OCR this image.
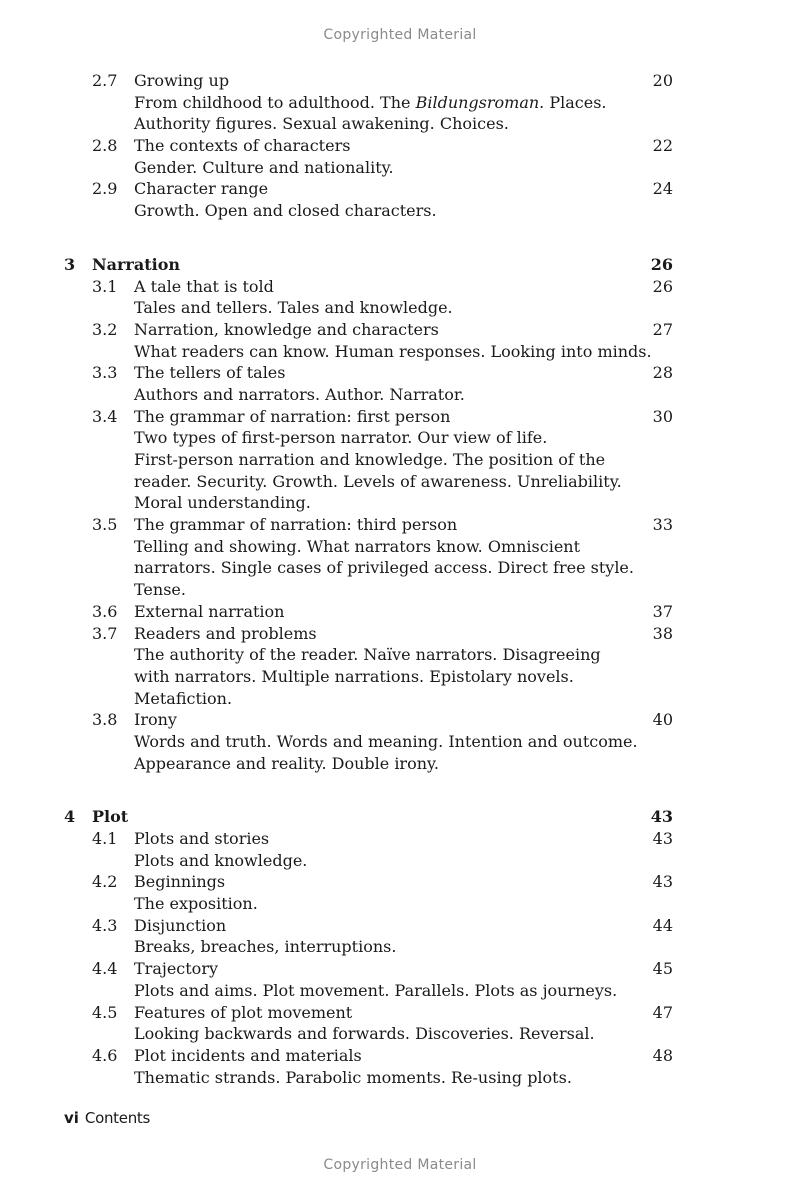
Copyrighted Material
2.7 Growing up	20
From childhood to adulthood. The Bildungsroman. Places.
Authority figures. Sexual awakening. Choices.
2.8 The contexts of characters	22
Gender. Culture and nationality.
2.9 Character range	24
Growth. Open and closed characters.
3 Narration	26
3.1 A tale that is told	26
Tales and tellers. Tales and knowledge.
3.2 Narration, knowledge and characters	27
What readers can know. Human responses. Looking into minds.
3.3 The tellers of tales	28
Authors and narrators. Author. Narrator.
3.4 The grammar of narration: first person	30
Two types of first-person narrator. Our view of life.
First-person narration and knowledge. The position of the
reader. Security. Growth. Levels of awareness. Unreliability.
Moral understanding.
3.5 The grammar of narration: third person	33
Telling and showing. What narrators know. Omniscient
narrators. Single cases of privileged access. Direct free style.
Tense.
3.6 External narration	37
3.7 Readers and problems	38
The authority of the reader. Naïve narrators. Disagreeing
with narrators. Multiple narrations. Epistolary novels.
Metafiction.
3.8 Irony	40
Words and truth. Words and meaning. Intention and outcome.
Appearance and reality. Double irony.
4 Plot	43
4.1 Plots and stories	43
Plots and knowledge.
4.2 Beginnings	43
The exposition.
4.3 Disjunction	44
Breaks, breaches, interruptions.
4.4 Trajectory	45
Plots and aims. Plot movement. Parallels. Plots as journeys.
4.5 Features of plot movement	47
Looking backwards and forwards. Discoveries. Reversal.
4.6 Plot incidents and materials	48
Thematic strands. Parabolic moments. Re-using plots.
vi Contents
Copyrighted Material
